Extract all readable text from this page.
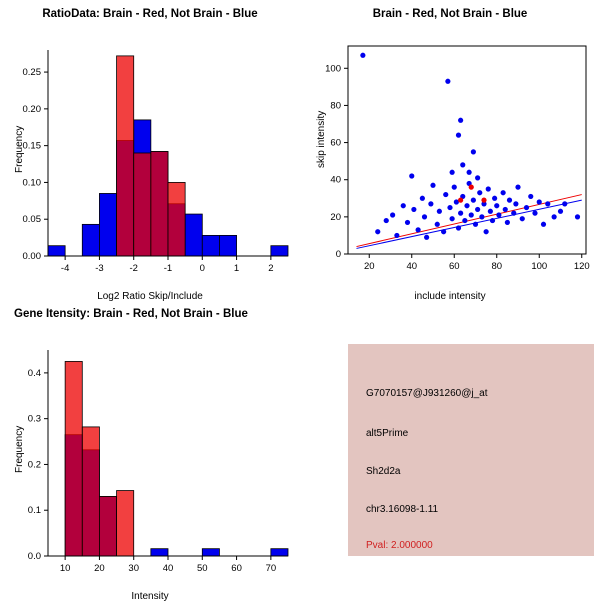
RatioData: Brain - Red, Not Brain - Blue
-4	-3	-2	-1	0	1	2
0.00
0.05
0.10
0.15
0.20
0.25
Frequency
Log2 Ratio Skip/Include
Brain - Red, Not Brain - Blue
20	40	60	80	100	120
0
20
40
60
80
100
skip intensity
include intensity
Gene Itensity: Brain - Red, Not Brain - Blue
10 20 30 40 50 60 70
0.0
0.1
0.2
0.3
0.4
Frequency
Intensity
G7070157@J931260@j_at
alt5Prime
Sh2d2a
chr3.16098-1.11
Pval: 2.000000
